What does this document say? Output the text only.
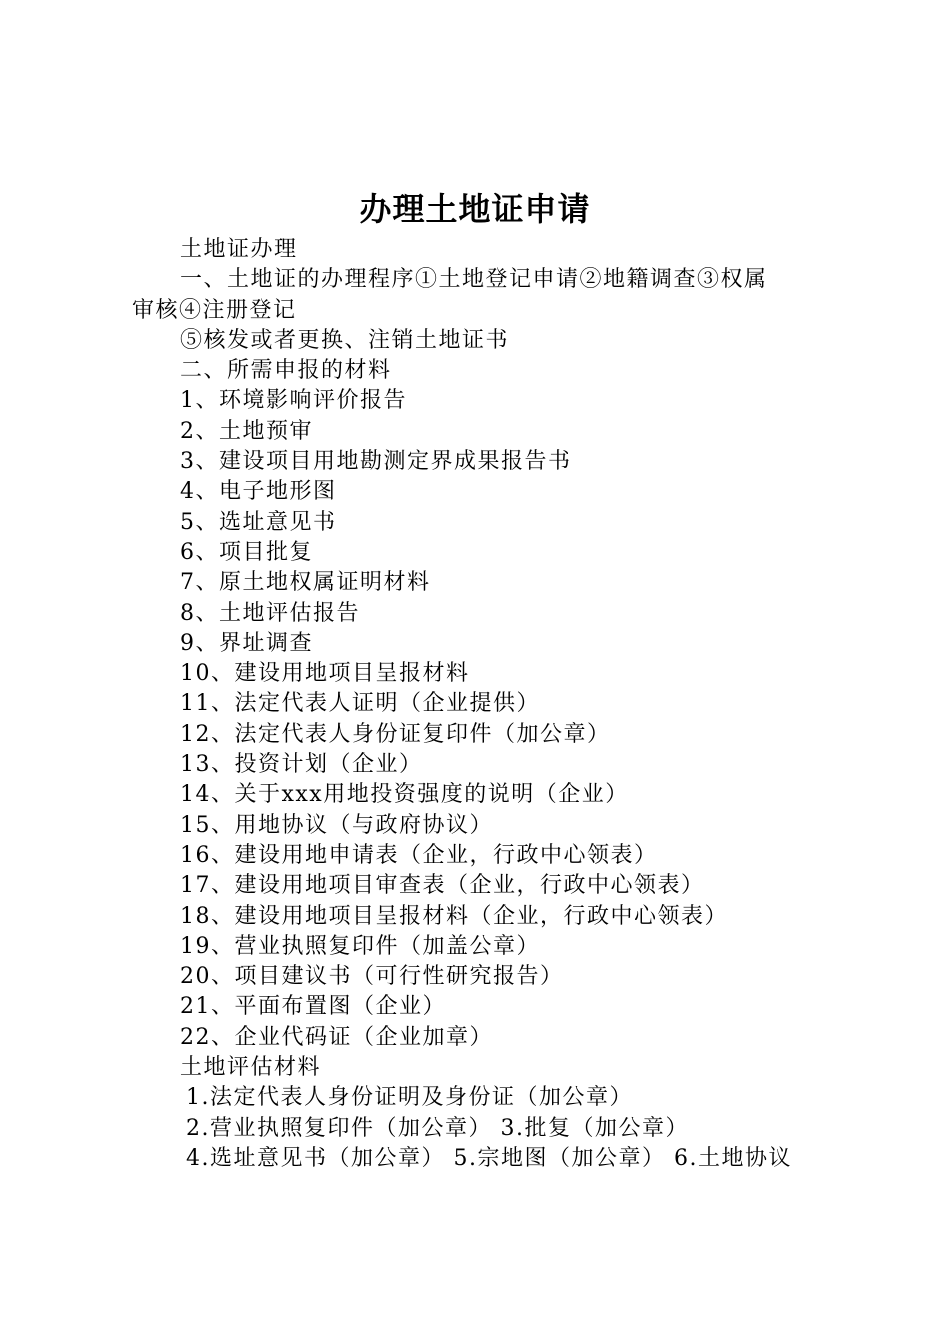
办理土地证申请
土地证办理
一、土地证的办理程序①土地登记申请②地籍调查③权属
审核④注册登记
⑤核发或者更换、注销土地证书
二、所需申报的材料
1、环境影响评价报告
2、土地预审
3、建设项目用地勘测定界成果报告书
4、电子地形图
5、选址意见书
6、项目批复
7、原土地权属证明材料
8、土地评估报告
9、界址调查
10、建设用地项目呈报材料
11、法定代表人证明（企业提供）
12、法定代表人身份证复印件（加公章）
13、投资计划（企业）
14、关于xxx用地投资强度的说明（企业）
15、用地协议（与政府协议）
16、建设用地申请表（企业，行政中心领表）
17、建设用地项目审查表（企业，行政中心领表）
18、建设用地项目呈报材料（企业，行政中心领表）
19、营业执照复印件（加盖公章）
20、项目建议书（可行性研究报告）
21、平面布置图（企业）
22、企业代码证（企业加章）
土地评估材料
1.法定代表人身份证明及身份证（加公章）
2.营业执照复印件（加公章） 3.批复（加公章）
4.选址意见书（加公章） 5.宗地图（加公章） 6.土地协议
